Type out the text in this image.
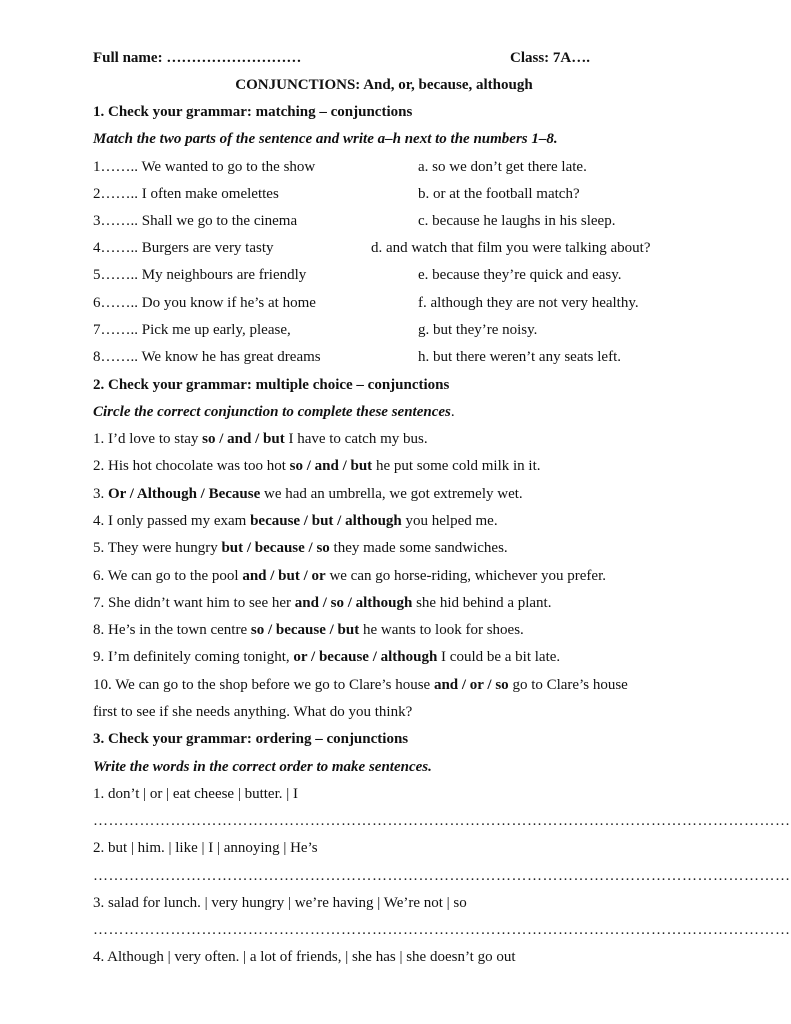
Full name: ………………………	Class: 7A….
CONJUNCTIONS: And, or, because, although
1. Check your grammar: matching – conjunctions
Match the two parts of the sentence and write a–h next to the numbers 1–8.
1…….. We wanted to go to the show	a. so we don’t get there late.
2…….. I often make omelettes	b. or at the football match?
3…….. Shall we go to the cinema	c. because he laughs in his sleep.
4…….. Burgers are very tasty	d. and watch that film you were talking about?
5…….. My neighbours are friendly	e. because they’re quick and easy.
6…….. Do you know if he’s at home	f. although they are not very healthy.
7…….. Pick me up early, please,	g. but they’re noisy.
8…….. We know he has great dreams	h. but there weren’t any seats left.
2. Check your grammar: multiple choice – conjunctions
Circle the correct conjunction to complete these sentences.
1. I’d love to stay so / and / but I have to catch my bus.
2. His hot chocolate was too hot so / and / but he put some cold milk in it.
3. Or / Although / Because we had an umbrella, we got extremely wet.
4. I only passed my exam because / but / although you helped me.
5. They were hungry but / because / so they made some sandwiches.
6. We can go to the pool and / but / or we can go horse-riding, whichever you prefer.
7. She didn’t want him to see her and / so / although she hid behind a plant.
8. He’s in the town centre so / because / but he wants to look for shoes.
9. I’m definitely coming tonight, or / because / although I could be a bit late.
10. We can go to the shop before we go to Clare’s house and / or / so go to Clare’s house
first to see if she needs anything. What do you think?
3. Check your grammar: ordering – conjunctions
Write the words in the correct order to make sentences.
1. don’t | or | eat cheese | butter. | I
………………………………………………………………………………………………………………………
2. but | him. | like | I | annoying | He’s
………………………………………………………………………………………………………………………
3. salad for lunch. | very hungry | we’re having | We’re not | so
………………………………………………………………………………………………………………………
4. Although | very often. | a lot of friends, | she has | she doesn’t go out
